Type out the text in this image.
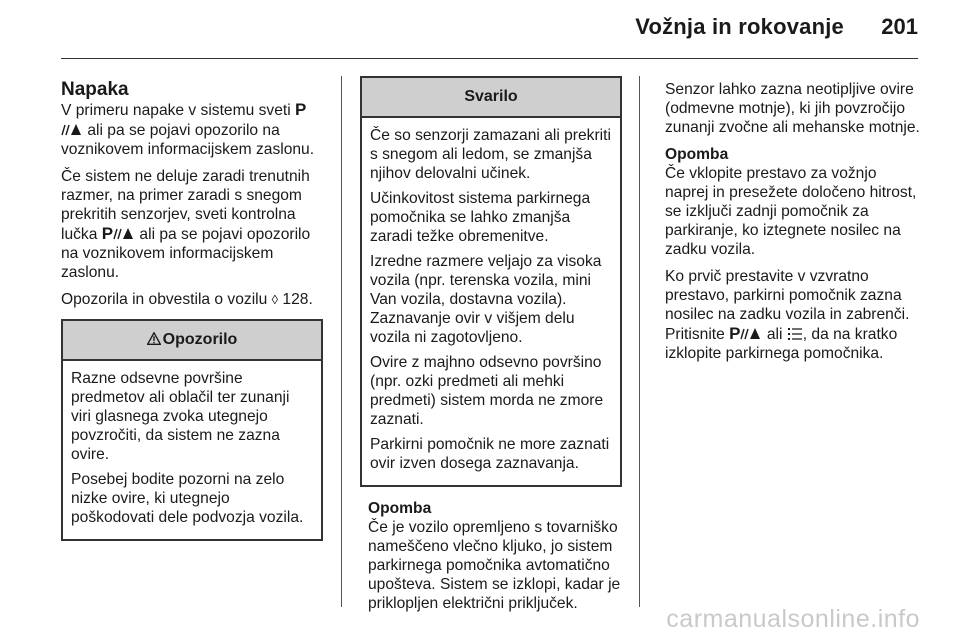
Vožnja in rokovanje 201
Napaka

V primeru napake v sistemu sveti P ali pa se pojavi opozorilo na voznikovem informacijskem zaslonu.

Če sistem ne deluje zaradi trenutnih razmer, na primer zaradi s snegom prekritih senzorjev, sveti kontrolna lučka P ali pa se pojavi opozorilo na voznikovem informacijskem zaslonu.

Opozorila in obvestila o vozilu ◊ 128.

Opozorilo

Razne odsevne površine predmetov ali oblačil ter zunanji viri glasnega zvoka utegnejo povzročiti, da sistem ne zazna ovire.

Posebej bodite pozorni na zelo nizke ovire, ki utegnejo poškodovati dele podvozja vozila.

Svarilo

Če so senzorji zamazani ali prekriti s snegom ali ledom, se zmanjša njihov delovalni učinek.

Učinkovitost sistema parkirnega pomočnika se lahko zmanjša zaradi težke obremenitve.

Izredne razmere veljajo za visoka vozila (npr. terenska vozila, mini Van vozila, dostavna vozila). Zaznavanje ovir v višjem delu vozila ni zagotovljeno.

Ovire z majhno odsevno površino (npr. ozki predmeti ali mehki predmeti) sistem morda ne zmore zaznati.

Parkirni pomočnik ne more zaznati ovir izven dosega zaznavanja.

Opomba
Če je vozilo opremljeno s tovarniško nameščeno vlečno kljuko, jo sistem parkirnega pomočnika avtomatično upošteva. Sistem se izklopi, kadar je priklopljen električni priključek.

Senzor lahko zazna neotipljive ovire (odmevne motnje), ki jih povzročijo zunanji zvočne ali mehanske motnje.

Opomba
Če vklopite prestavo za vožnjo naprej in presežete določeno hitrost, se izključi zadnji pomočnik za parkiranje, ko iztegnete nosilec na zadku vozila.

Ko prvič prestavite v vzvratno prestavo, parkirni pomočnik zazna nosilec na zadku vozila in zabrenči. Pritisnite P ali , da na kratko izklopite parkirnega pomočnika.

carmanualsonline.info
